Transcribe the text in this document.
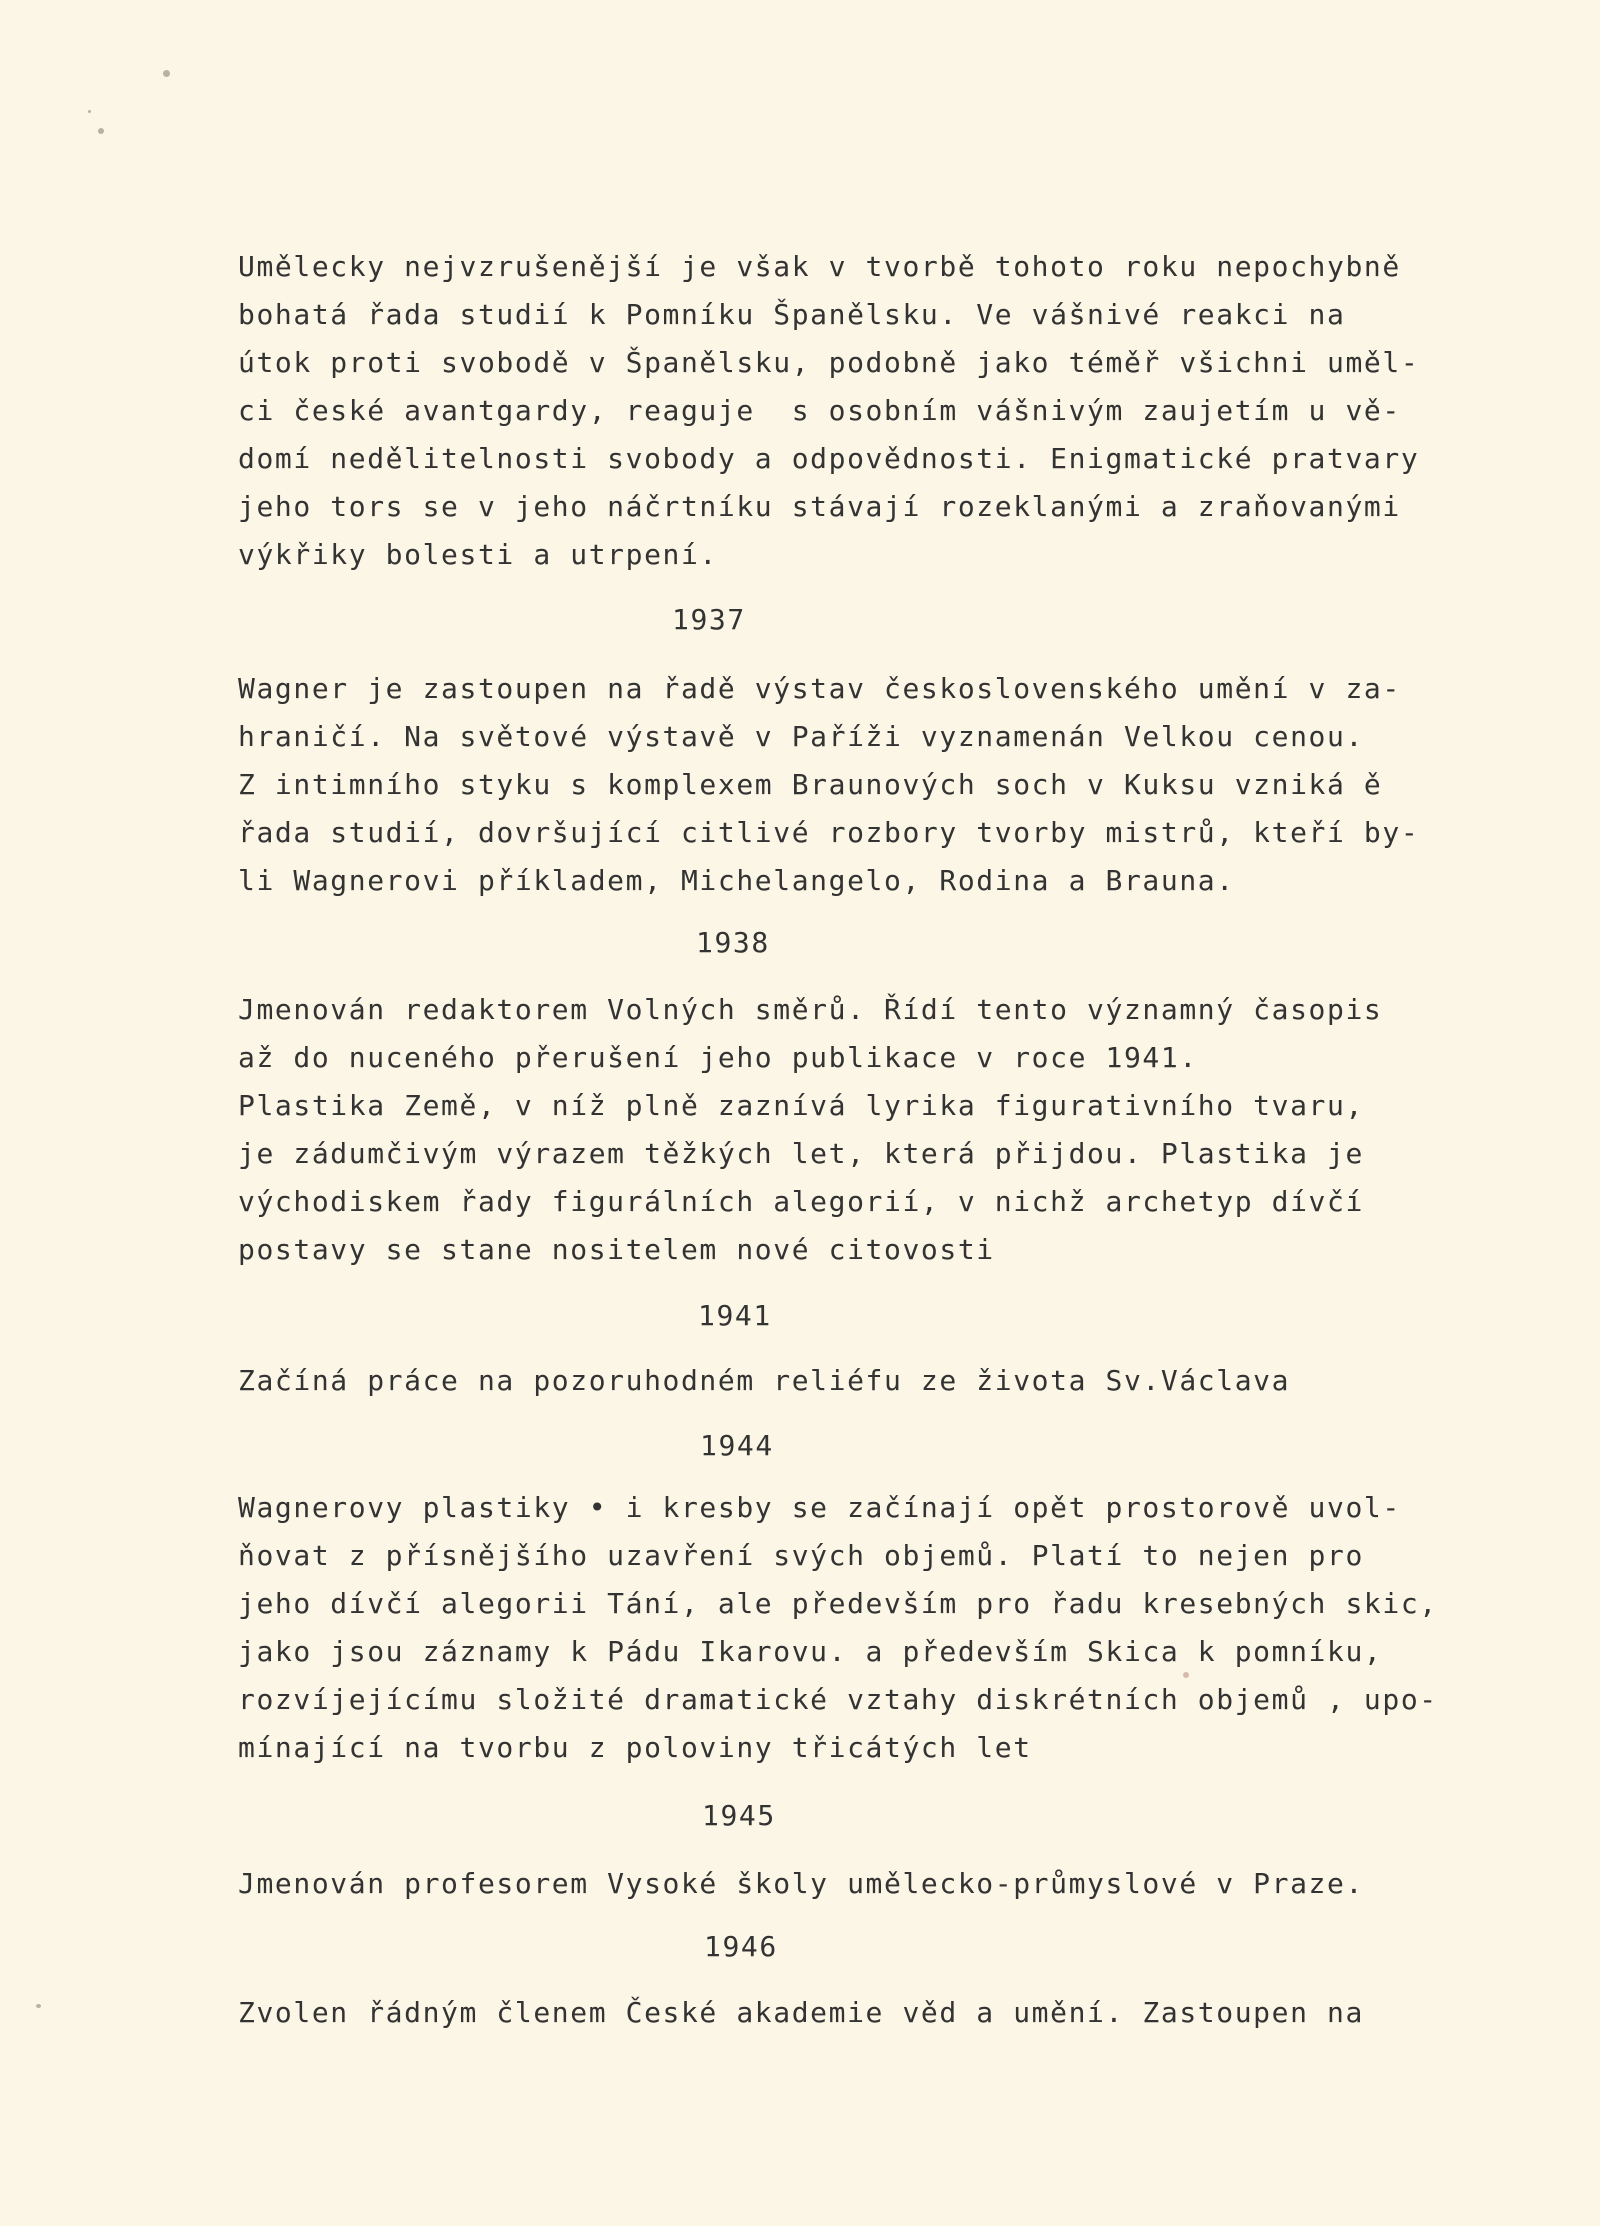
Umělecky nejvzrušenější je však v tvorbě tohoto roku nepochybně
bohatá řada studií k Pomníku Španělsku. Ve vášnivé reakci na
útok proti svobodě v Španělsku, podobně jako téměř všichni uměl-
ci české avantgardy, reaguje  s osobním vášnivým zaujetím u vě-
domí nedělitelnosti svobody a odpovědnosti. Enigmatické pratvary
jeho tors se v jeho náčrtníku stávají rozeklanými a zraňovanými
výkřiky bolesti a utrpení.
1937
Wagner je zastoupen na řadě výstav československého umění v za-
hraničí. Na světové výstavě v Paříži vyznamenán Velkou cenou.
Z intimního styku s komplexem Braunových soch v Kuksu vzniká ě
řada studií, dovršující citlivé rozbory tvorby mistrů, kteří by-
li Wagnerovi příkladem, Michelangelo, Rodina a Brauna.
1938
Jmenován redaktorem Volných směrů. Řídí tento významný časopis
až do nuceného přerušení jeho publikace v roce 1941.
Plastika Země, v níž plně zaznívá lyrika figurativního tvaru,
je zádumčivým výrazem těžkých let, která přijdou. Plastika je
východiskem řady figurálních alegorií, v nichž archetyp dívčí
postavy se stane nositelem nové citovosti
1941
Začíná práce na pozoruhodném reliéfu ze života Sv.Václava
1944
Wagnerovy plastiky • i kresby se začínají opět prostorově uvol-
ňovat z přísnějšího uzavření svých objemů. Platí to nejen pro
jeho dívčí alegorii Tání, ale především pro řadu kresebných skic,
jako jsou záznamy k Pádu Ikarovu. a především Skica k pomníku,
rozvíjejícímu složité dramatické vztahy diskrétních objemů , upo-
mínající na tvorbu z poloviny třicátých let
1945
Jmenován profesorem Vysoké školy umělecko-průmyslové v Praze.
1946
Zvolen řádným členem České akademie věd a umění. Zastoupen na
